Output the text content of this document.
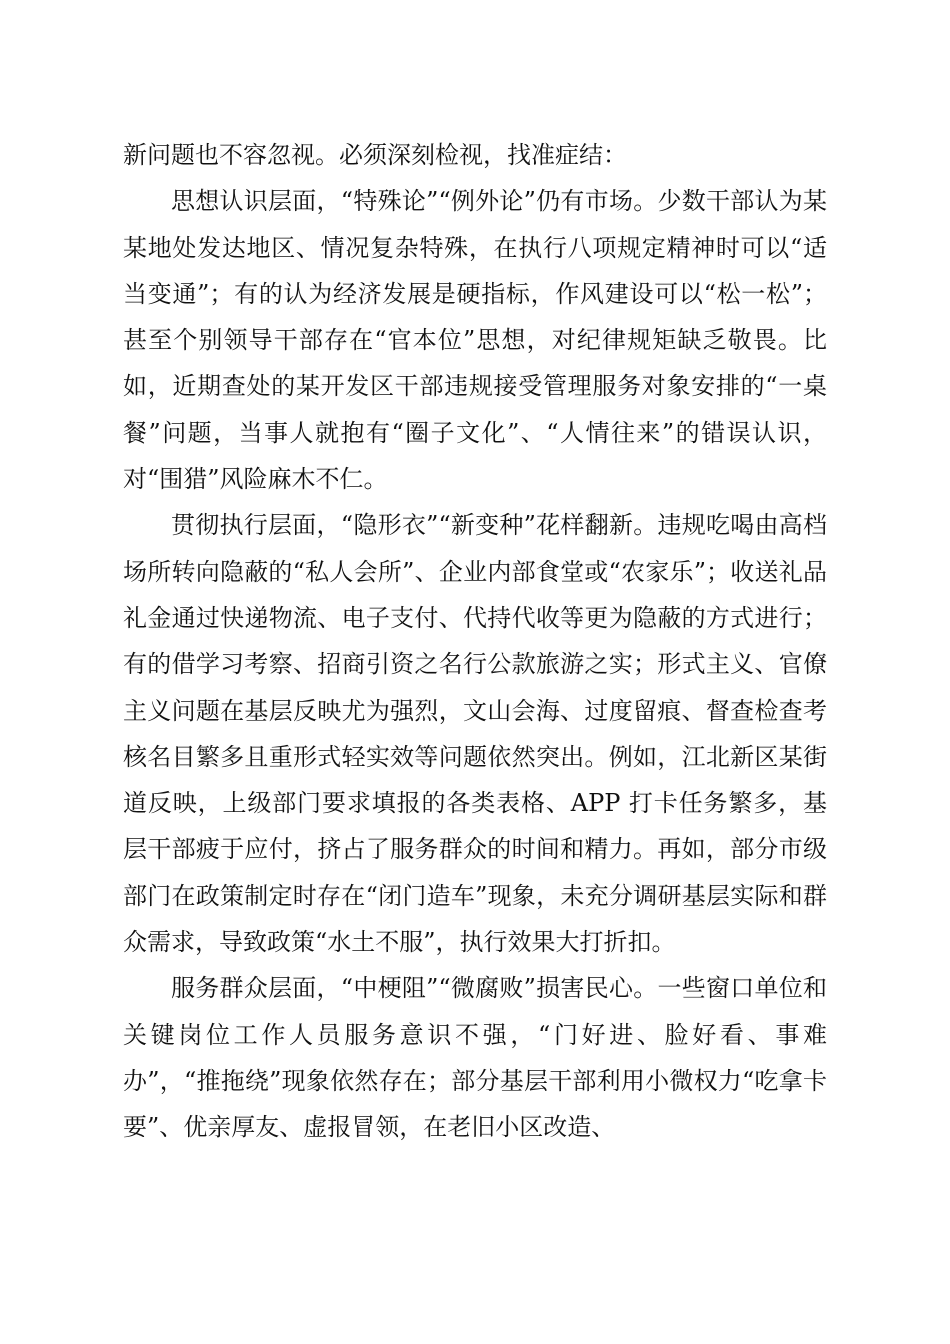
新问题也不容忽视。必须深刻检视，找准症结：

思想认识层面，“特殊论”“例外论”仍有市场。少数干部认为某某地处发达地区、情况复杂特殊，在执行八项规定精神时可以“适当变通”；有的认为经济发展是硬指标，作风建设可以“松一松”；甚至个别领导干部存在“官本位”思想，对纪律规矩缺乏敬畏。比如，近期查处的某开发区干部违规接受管理服务对象安排的“一桌餐”问题，当事人就抱有“圈子文化”、“人情往来”的错误认识，对“围猎”风险麻木不仁。

贯彻执行层面，“隐形衣”“新变种”花样翻新。违规吃喝由高档场所转向隐蔽的“私人会所”、企业内部食堂或“农家乐”；收送礼品礼金通过快递物流、电子支付、代持代收等更为隐蔽的方式进行；有的借学习考察、招商引资之名行公款旅游之实；形式主义、官僚主义问题在基层反映尤为强烈，文山会海、过度留痕、督查检查考核名目繁多且重形式轻实效等问题依然突出。例如，江北新区某街道反映，上级部门要求填报的各类表格、APP 打卡任务繁多，基层干部疲于应付，挤占了服务群众的时间和精力。再如，部分市级部门在政策制定时存在“闭门造车”现象，未充分调研基层实际和群众需求，导致政策“水土不服”，执行效果大打折扣。

服务群众层面，“中梗阻”“微腐败”损害民心。一些窗口单位和关键岗位工作人员服务意识不强，“门好进、脸好看、事难办”，“推拖绕”现象依然存在；部分基层干部利用小微权力“吃拿卡要”、优亲厚友、虚报冒领，在老旧小区改造、
